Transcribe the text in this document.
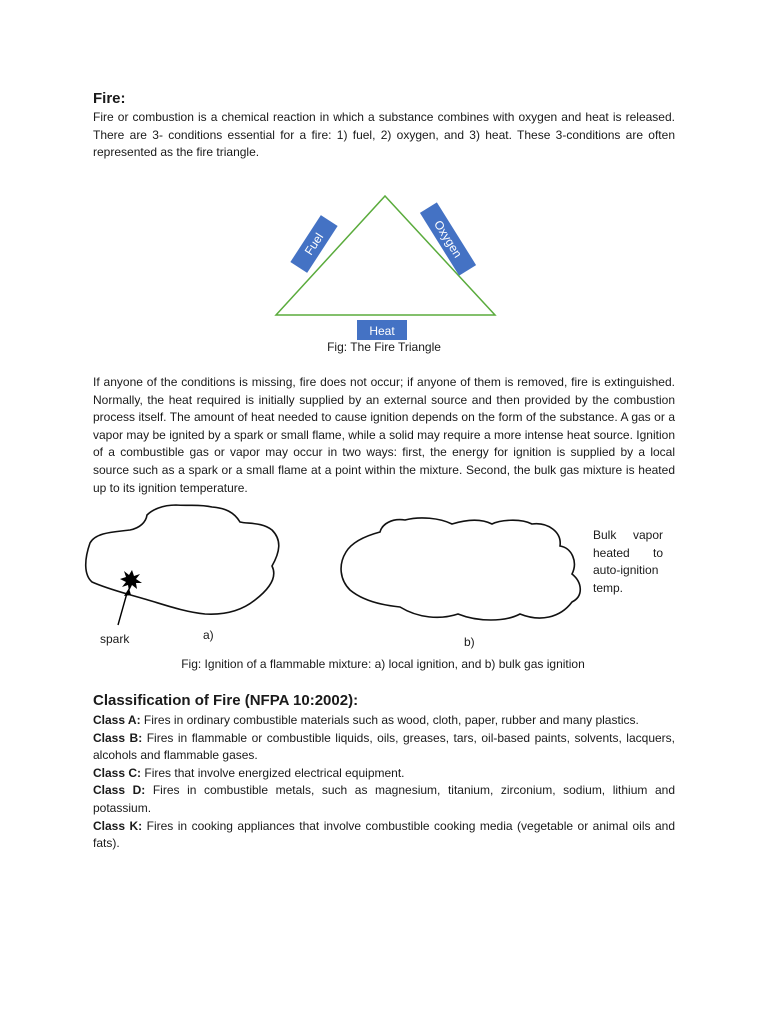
Fire:

Fire or combustion is a chemical reaction in which a substance combines with oxygen and heat is released. There are 3- conditions essential for a fire: 1) fuel, 2) oxygen, and 3) heat. These 3-conditions are often represented as the fire triangle.

Fuel	Oxygen
Heat

Fig: The Fire Triangle

If anyone of the conditions is missing, fire does not occur; if anyone of them is removed, fire is extinguished. Normally, the heat required is initially supplied by an external source and then provided by the combustion process itself. The amount of heat needed to cause ignition depends on the form of the substance. A gas or a vapor may be ignited by a spark or small flame, while a solid may require a more intense heat source. Ignition of a combustible gas or vapor may occur in two ways: first, the energy for ignition is supplied by a local source such as a spark or a small flame at a point within the mixture. Second, the bulk gas mixture is heated up to its ignition temperature.

spark	a)	b)

Bulk vapor heated to auto-ignition temp.

Fig: Ignition of a flammable mixture: a) local ignition, and b) bulk gas ignition

Classification of Fire (NFPA 10:2002):

Class A: Fires in ordinary combustible materials such as wood, cloth, paper, rubber and many plastics.

Class B: Fires in flammable or combustible liquids, oils, greases, tars, oil-based paints, solvents, lacquers, alcohols and flammable gases.

Class C: Fires that involve energized electrical equipment.

Class D: Fires in combustible metals, such as magnesium, titanium, zirconium, sodium, lithium and potassium.

Class K: Fires in cooking appliances that involve combustible cooking media (vegetable or animal oils and fats).
